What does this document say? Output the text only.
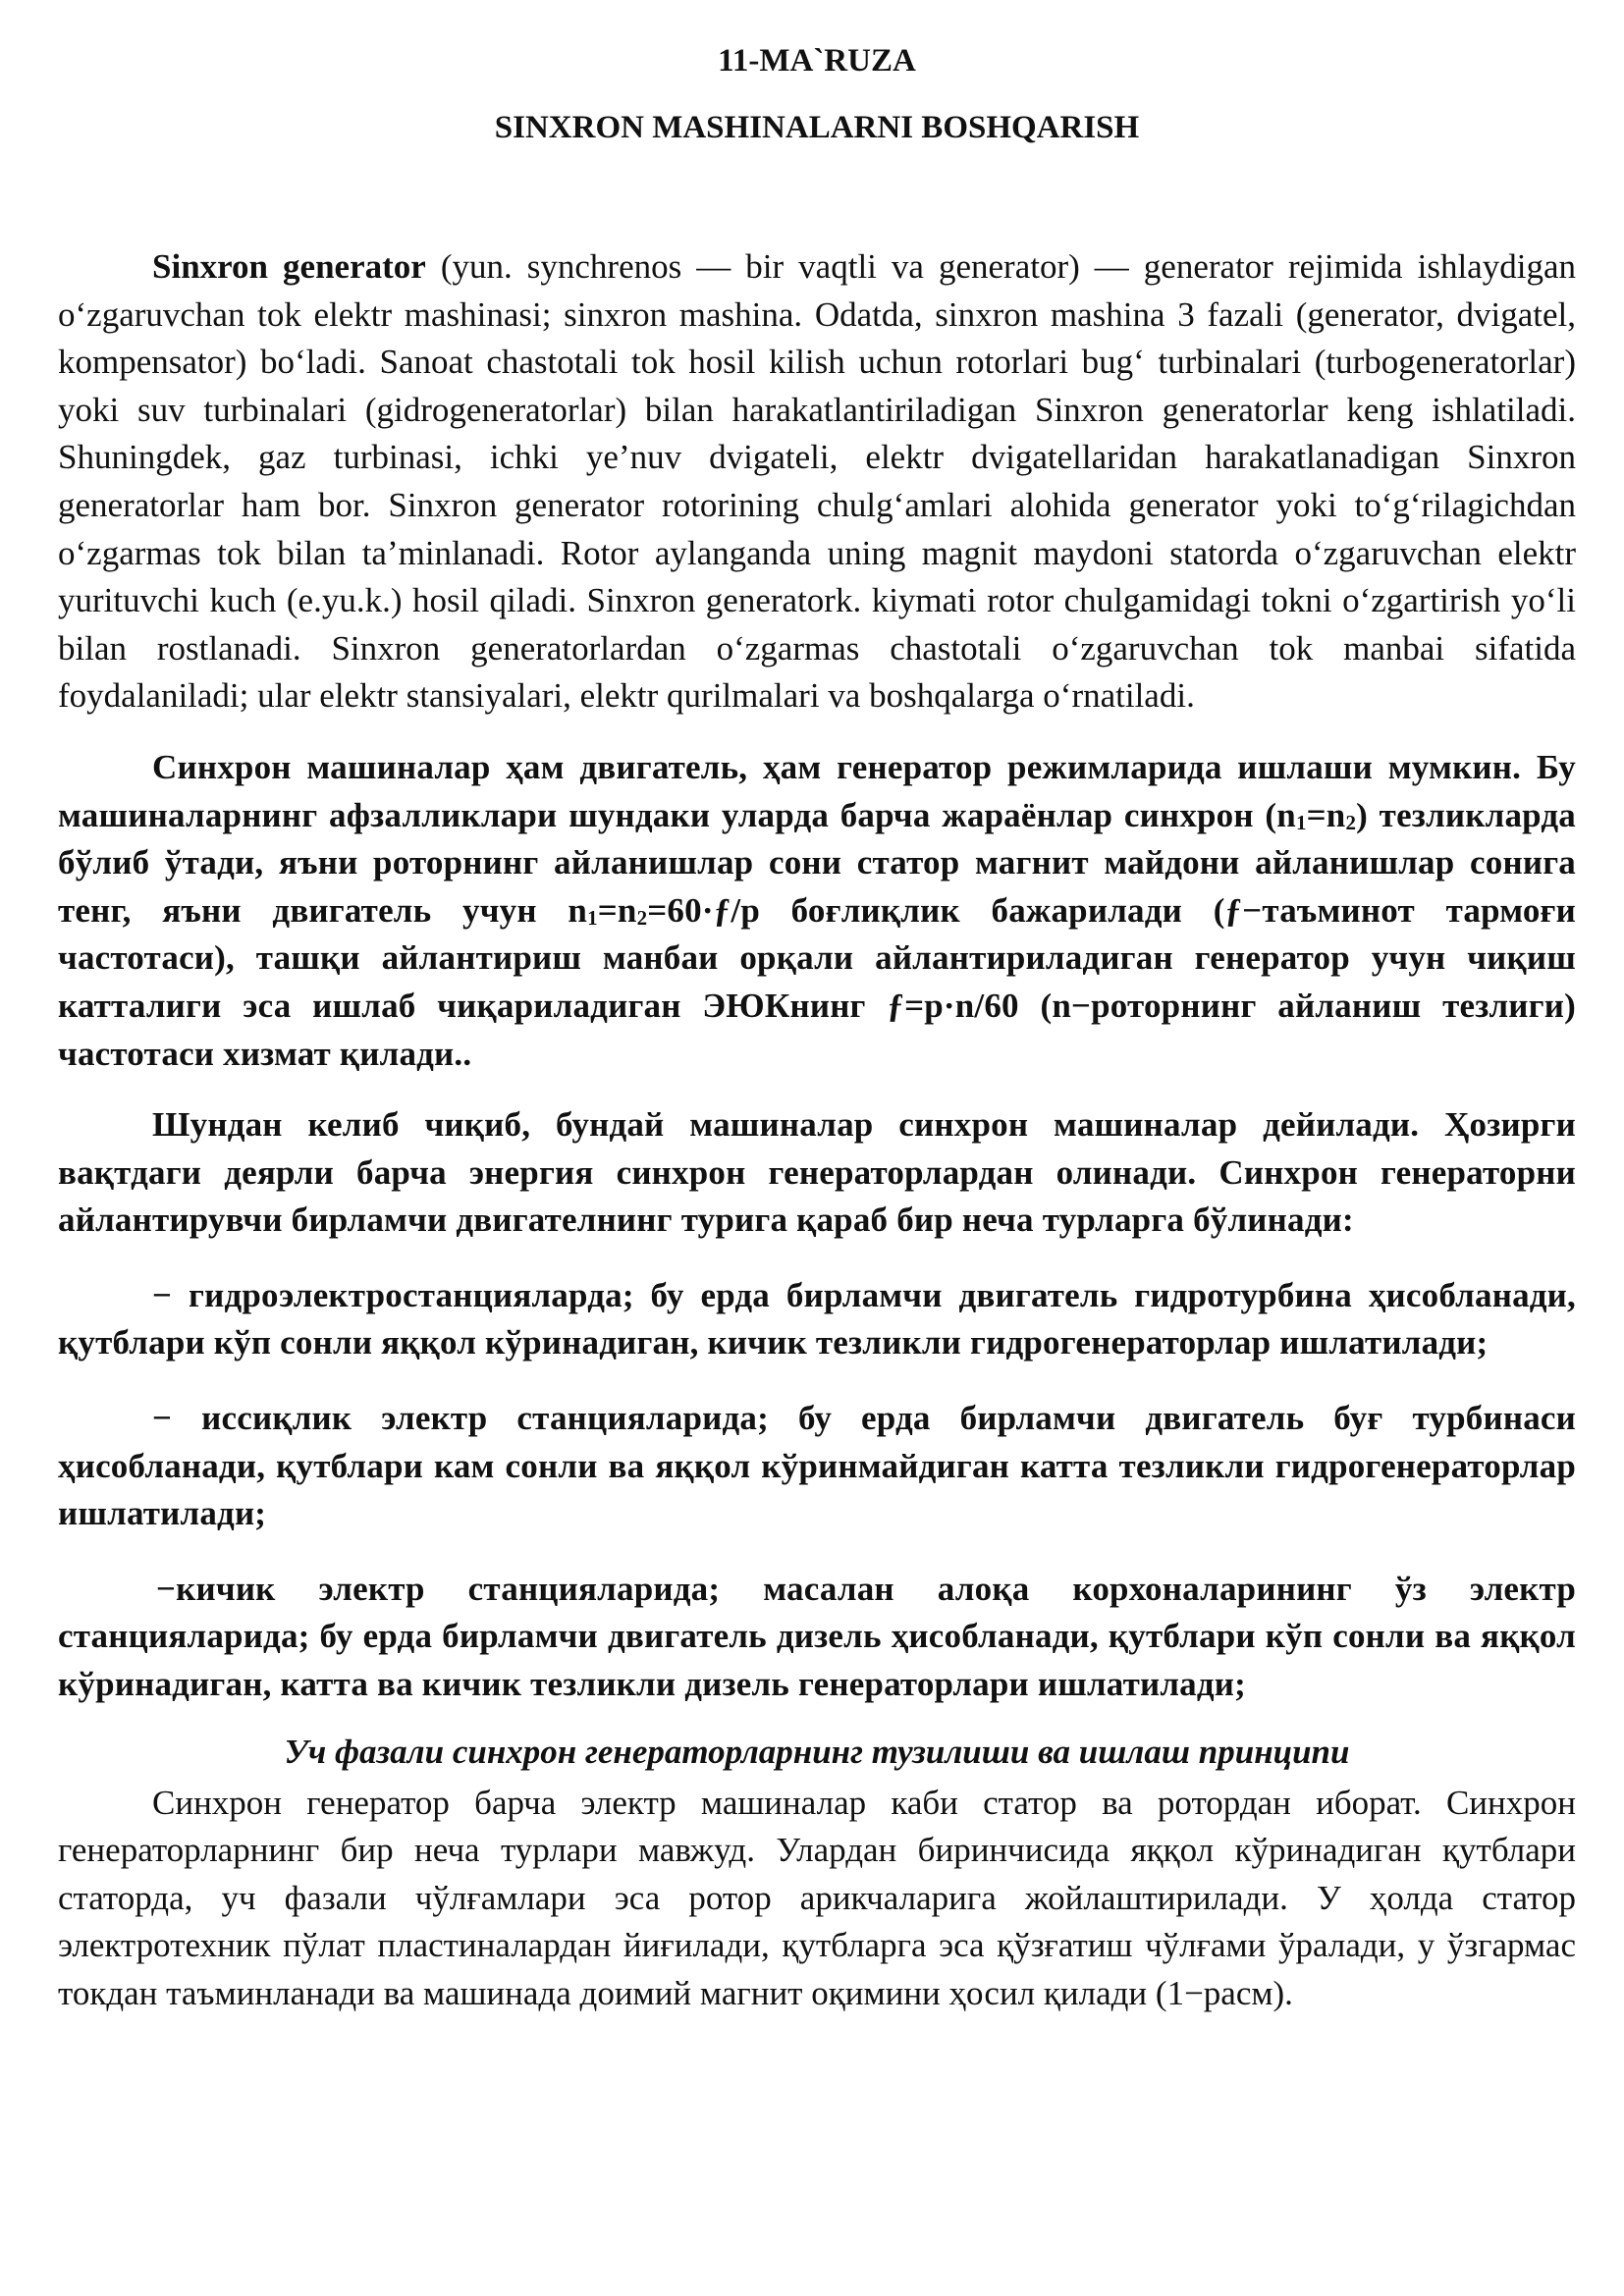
11-MA`RUZA
SINXRON MASHINALARNI BOSHQARISH

Sinxron generator (yun. synchrenos — bir vaqtli va generator) — generator rejimida ishlaydigan oʻzgaruvchan tok elektr mashinasi; sinxron mashina. Odatda, sinxron mashina 3 fazali (generator, dvigatel, kompensator) boʻladi. Sanoat chastotali tok hosil kilish uchun rotorlari bugʻ turbinalari (turbogeneratorlar) yoki suv turbinalari (gidrogeneratorlar) bilan harakatlantiriladigan Sinxron generatorlar keng ishlatiladi. Shuningdek, gaz turbinasi, ichki ye’nuv dvigateli, elektr dvigatellaridan harakatlanadigan Sinxron generatorlar ham bor. Sinxron generator rotorining chulgʻamlari alohida generator yoki toʻgʻrilagichdan oʻzgarmas tok bilan taʼminlanadi. Rotor aylanganda uning magnit maydoni statorda oʻzgaruvchan elektr yurituvchi kuch (e.yu.k.) hosil qiladi. Sinxron generatork. kiymati rotor chulgamidagi tokni oʻzgartirish yoʻli bilan rostlanadi. Sinxron generatorlardan oʻzgarmas chastotali oʻzgaruvchan tok manbai sifatida foydalaniladi; ular elektr stansiyalari, elektr qurilmalari va boshqalarga oʻrnatiladi.

Синхрон машиналар ҳам двигатель, ҳам генератор режимларида ишлаши мумкин. Бу машиналарнинг афзалликлари шундаки уларда барча жараёнлар синхрон $(n_1=n_2)$ тезликларда бўлиб ўтади, яъни роторнинг айланишлар сони статор магнит майдони айланишлар сонига тенг, яъни двигатель учун $n_1=n_2=60\cdot ƒ/p$ боғлиқлик бажарилади (ƒ−таъминот тармоғи частотаси), ташқи айлантириш манбаи орқали айлантириладиган генератор учун чиқиш катталиги эса ишлаб чиқариладиган ЭЮКнинг ƒ=p·n/60 (n−роторнинг айланиш тезлиги) частотаси хизмат қилади..

Шундан келиб чиқиб, бундай машиналар синхрон машиналар дейилади. Ҳозирги вақтдаги деярли барча энергия синхрон генераторлардан олинади. Синхрон генераторни айлантирувчи бирламчи двигателнинг турига қараб бир неча турларга бўлинади:

− гидроэлектростанцияларда; бу ерда бирламчи двигатель гидротурбина ҳисобланади, қутблари кўп сонли яққол кўринадиган, кичик тезликли гидрогенераторлар ишлатилади;

− иссиқлик электр станцияларида; бу ерда бирламчи двигатель буғ турбинаси ҳисобланади, қутблари кам сонли ва яққол кўринмайдиган катта тезликли гидрогенераторлар ишлатилади;

−кичик электр станцияларида; масалан алоқа корхоналарининг ўз электр станцияларида; бу ерда бирламчи двигатель дизель ҳисобланади, қутблари кўп сонли ва яққол кўринадиган, катта ва кичик тезликли дизель генераторлари ишлатилади;

Уч фазали синхрон генераторларнинг тузилиши ва ишлаш принципи

Синхрон генератор барча электр машиналар каби статор ва ротордан иборат. Синхрон генераторларнинг бир неча турлари мавжуд. Улардан биринчисида яққол кўринадиган қутблари статорда, уч фазали чўлғамлари эса ротор арикчаларига жойлаштирилади. У ҳолда статор электротехник пўлат пластиналардан йиғилади, қутбларга эса қўзғатиш чўлғами ўралади, у ўзгармас токдан таъминланади ва машинада доимий магнит оқимини ҳосил қилади (1−расм).
